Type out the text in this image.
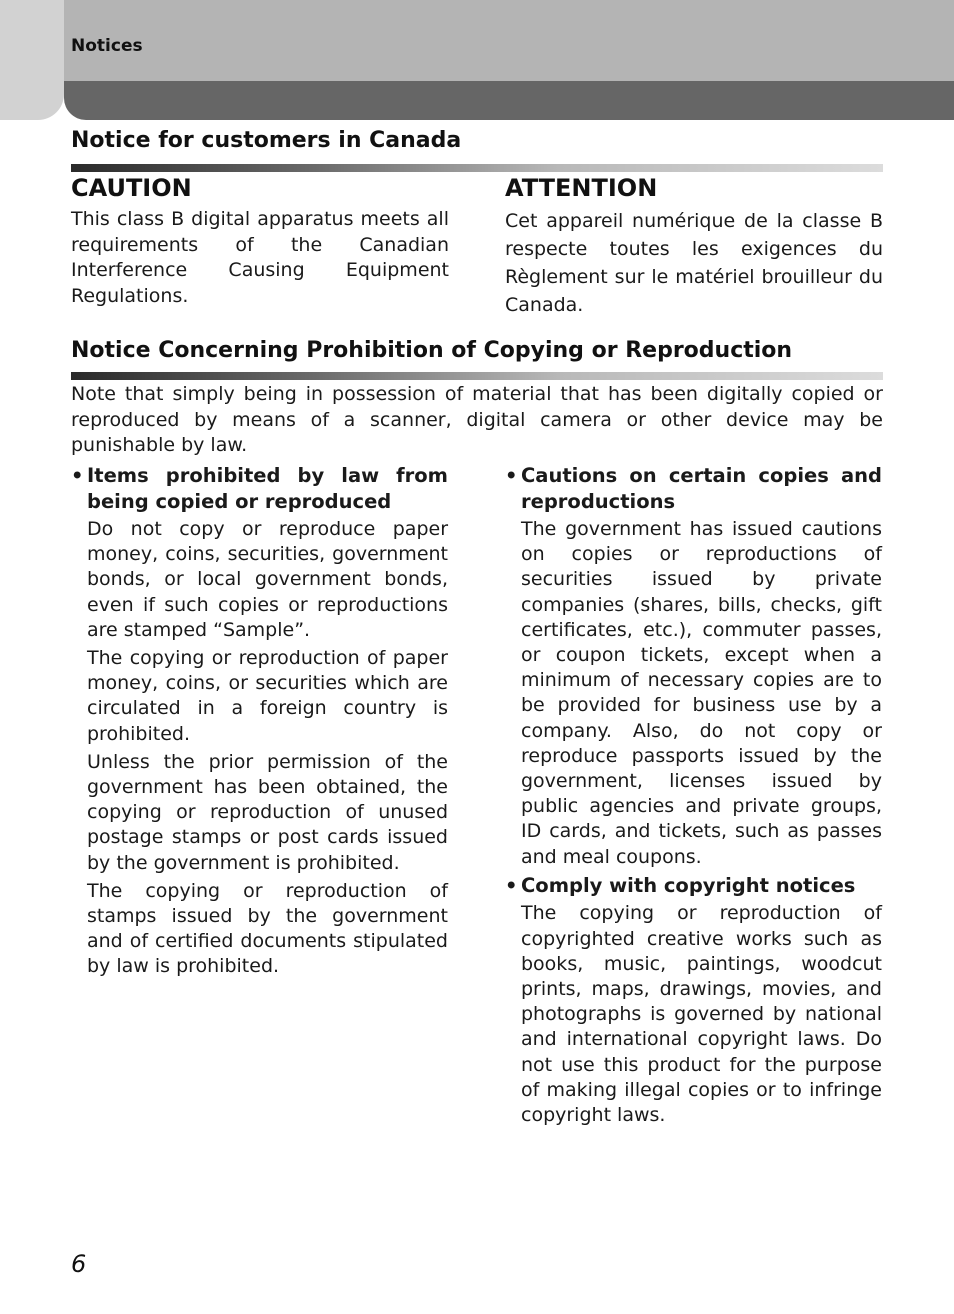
Notices
Notice for customers in Canada
CAUTION

This class B digital apparatus meets all requirements of the Canadian Interference Causing Equipment Regulations.

ATTENTION

Cet appareil numérique de la classe B respecte toutes les exigences du Règlement sur le matériel brouilleur du Canada.

Notice Concerning Prohibition of Copying or Reproduction

Note that simply being in possession of material that has been digitally copied or reproduced by means of a scanner, digital camera or other device may be punishable by law.

• Items prohibited by law from being copied or reproduced

Do not copy or reproduce paper money, coins, securities, government bonds, or local government bonds, even if such copies or reproductions are stamped “Sample”.

The copying or reproduction of paper money, coins, or securities which are circulated in a foreign country is prohibited.

Unless the prior permission of the government has been obtained, the copying or reproduction of unused postage stamps or post cards issued by the government is prohibited.

The copying or reproduction of stamps issued by the government and of certified documents stipulated by law is prohibited.

• Cautions on certain copies and reproductions

The government has issued cautions on copies or reproductions of securities issued by private companies (shares, bills, checks, gift certificates, etc.), commuter passes, or coupon tickets, except when a minimum of necessary copies are to be provided for business use by a company. Also, do not copy or reproduce passports issued by the government, licenses issued by public agencies and private groups, ID cards, and tickets, such as passes and meal coupons.

• Comply with copyright notices

The copying or reproduction of copyrighted creative works such as books, music, paintings, woodcut prints, maps, drawings, movies, and photographs is governed by national and international copyright laws. Do not use this product for the purpose of making illegal copies or to infringe copyright laws.

6
